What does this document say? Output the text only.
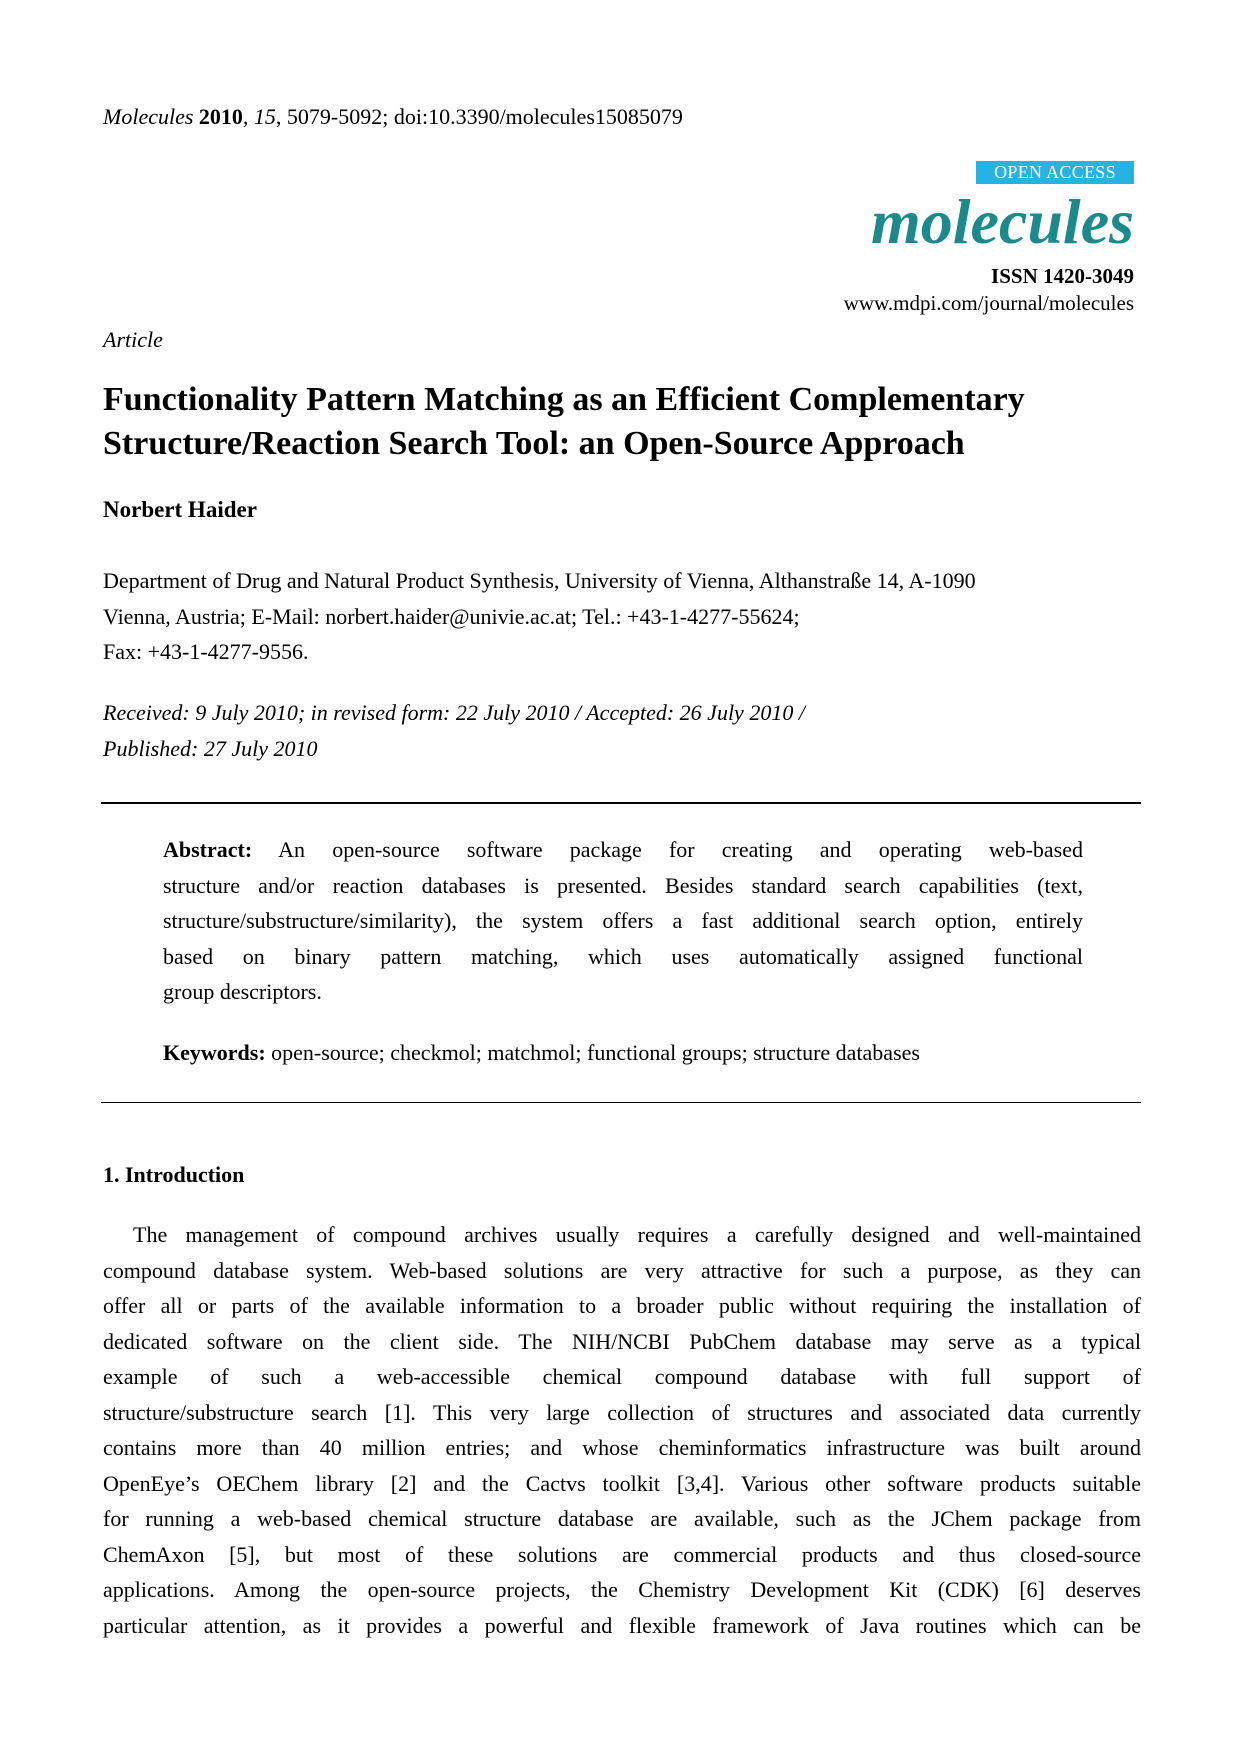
Molecules 2010, 15, 5079-5092; doi:10.3390/molecules15085079
OPEN ACCESS
molecules
ISSN 1420-3049
www.mdpi.com/journal/molecules
Article
Functionality Pattern Matching as an Efficient Complementary
Structure/Reaction Search Tool: an Open-Source Approach
Norbert Haider
Department of Drug and Natural Product Synthesis, University of Vienna, Althanstraße 14, A-1090
Vienna, Austria; E-Mail: norbert.haider@univie.ac.at; Tel.: +43-1-4277-55624;
Fax: +43-1-4277-9556.
Received: 9 July 2010; in revised form: 22 July 2010 / Accepted: 26 July 2010 /
Published: 27 July 2010
Abstract: An open-source software package for creating and operating web-based
structure and/or reaction databases is presented. Besides standard search capabilities (text,
structure/substructure/similarity), the system offers a fast additional search option, entirely
based on binary pattern matching, which uses automatically assigned functional
group descriptors.
Keywords: open-source; checkmol; matchmol; functional groups; structure databases
1. Introduction
The management of compound archives usually requires a carefully designed and well-maintained
compound database system. Web-based solutions are very attractive for such a purpose, as they can
offer all or parts of the available information to a broader public without requiring the installation of
dedicated software on the client side. The NIH/NCBI PubChem database may serve as a typical
example of such a web-accessible chemical compound database with full support of
structure/substructure search [1]. This very large collection of structures and associated data currently
contains more than 40 million entries; and whose cheminformatics infrastructure was built around
OpenEye’s OEChem library [2] and the Cactvs toolkit [3,4]. Various other software products suitable
for running a web-based chemical structure database are available, such as the JChem package from
ChemAxon [5], but most of these solutions are commercial products and thus closed-source
applications. Among the open-source projects, the Chemistry Development Kit (CDK) [6] deserves
particular attention, as it provides a powerful and flexible framework of Java routines which can be
